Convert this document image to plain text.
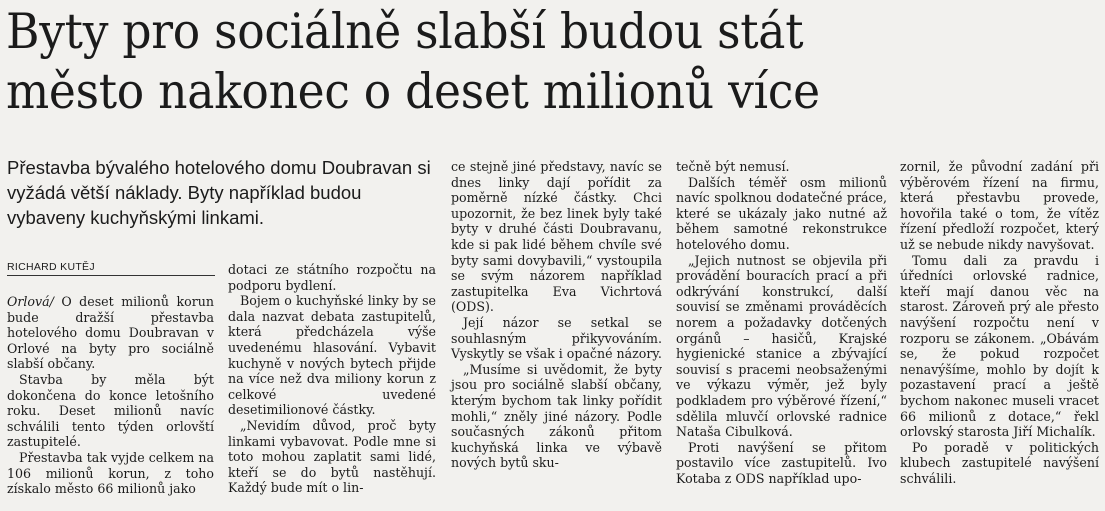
Byty pro sociálně slabší budou stát
město nakonec o deset milionů více

Přestavba bývalého hotelového domu Doubravan si vyžádá větší náklady. Byty například budou vybaveny kuchyňskými linkami.

RICHARD KUTĚJ

Orlová/ O deset milionů korun bude dražší přestavba hotelového domu Doubravan v Orlové na byty pro sociálně slabší občany.

Stavba by měla být dokončena do konce letošního roku. Deset milionů navíc schválili tento týden orlovští zastupitelé.

Přestavba tak vyjde celkem na 106 milionů korun, z toho získalo město 66 milionů jako

dotaci ze státního rozpočtu na podporu bydlení.

Bojem o kuchyňské linky by se dala nazvat debata zastupitelů, která předcházela výše uvedenému hlasování. Vybavit kuchyně v nových bytech přijde na více než dva miliony korun z celkové uvedené desetimilionové částky.

„Nevidím důvod, proč byty linkami vybavovat. Podle mne si toto mohou zaplatit sami lidé, kteří se do bytů nastěhují. Každý bude mít o lin-

ce stejně jiné představy, navíc se dnes linky dají pořídit za poměrně nízké částky. Chci upozornit, že bez linek byly také byty v druhé části Doubravanu, kde si pak lidé během chvíle své byty sami dovybavili,“ vystoupila se svým názorem například zastupitelka Eva Vichrtová (ODS).

Její názor se setkal se souhlasným přikyvováním. Vyskytly se však i opačné názory.

„Musíme si uvědomit, že byty jsou pro sociálně slabší občany, kterým bychom tak linky pořídit mohli,“ zněly jiné názory. Podle současných zákonů přitom kuchyňská linka ve výbavě nových bytů sku-

tečně být nemusí.

Dalších téměř osm milionů navíc spolknou dodatečné práce, které se ukázaly jako nutné až během samotné rekonstrukce hotelového domu.

„Jejich nutnost se objevila při provádění bouracích prací a při odkrývání konstrukcí, další souvisí se změnami prováděcích norem a požadavky dotčených orgánů – hasičů, Krajské hygienické stanice a zbývající souvisí s pracemi neobsaženými ve výkazu výměr, jež byly podkladem pro výběrové řízení,“ sdělila mluvčí orlovské radnice Nataša Cibulková.

Proti navýšení se přitom postavilo více zastupitelů. Ivo Kotaba z ODS například upo-

zornil, že původní zadání při výběrovém řízení na firmu, která přestavbu provede, hovořila také o tom, že vítěz řízení předloží rozpočet, který už se nebude nikdy navyšovat.

Tomu dali za pravdu i úředníci orlovské radnice, kteří mají danou věc na starost. Zároveň prý ale přesto navýšení rozpočtu není v rozporu se zákonem. „Obávám se, že pokud rozpočet nenavýšíme, mohlo by dojít k pozastavení prací a ještě bychom nakonec museli vracet 66 milionů z dotace,“ řekl orlovský starosta Jiří Michalík.

Po poradě v politických klubech zastupitelé navýšení schválili.
